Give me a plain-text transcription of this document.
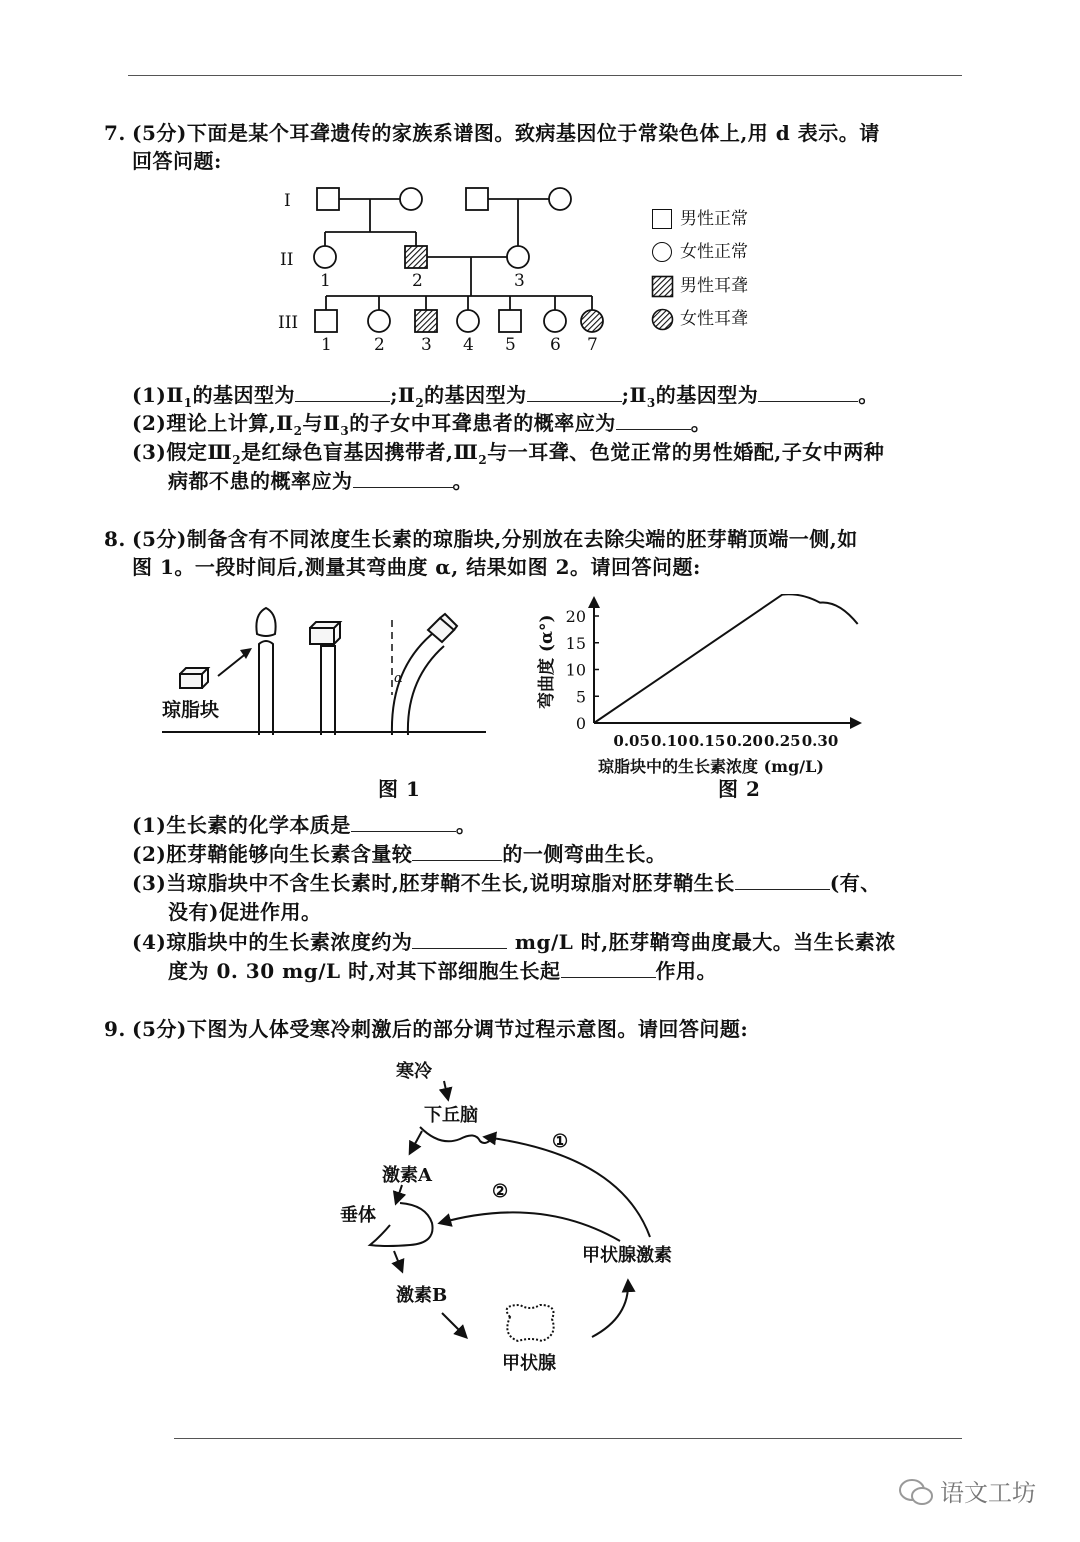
7. (5分)下面是某个耳聋遗传的家族系谱图。致病基因位于常染色体上,用 d 表示。请
回答问题:
I
II
III
1	2	3
1 2 3 4 5 6 7
男性正常
女性正常
男性耳聋
女性耳聋
$(1)Ⅱ_1$的基因型为	$;Ⅱ_2$的基因型为	$;Ⅱ_3$的基因型为	。
(2)理论上计算$,Ⅱ_2$与$Ⅱ_3$的子女中耳聋患者的概率应为	。
(3)假定$Ⅲ_2$是红绿色盲基因携带者$,Ⅲ_2$与一耳聋、色觉正常的男性婚配,子女中两种
病都不患的概率应为	。
8. (5分)制备含有不同浓度生长素的琼脂块,分别放在去除尖端的胚芽鞘顶端一侧,如
图 1。一段时间后,测量其弯曲度 α, 结果如图 2。请回答问题:
琼脂块
α
图 1
0
5
10
15
20
0.05 0.10 0.15 0.20 0.25 0.30
弯曲度 (α°)
琼脂块中的生长素浓度 (mg/L)
图 2
(1)生长素的化学本质是	。
(2)胚芽鞘能够向生长素含量较	的一侧弯曲生长。
(3)当琼脂块中不含生长素时,胚芽鞘不生长,说明琼脂对胚芽鞘生长	(有、
没有)促进作用。
(4)琼脂块中的生长素浓度约为	mg/L 时,胚芽鞘弯曲度最大。当生长素浓
度为 0. 30 mg/L 时,对其下部细胞生长起	作用。
9. (5分)下图为人体受寒冷刺激后的部分调节过程示意图。请回答问题:
寒冷
下丘脑
激素A
垂体
激素B
甲状腺
甲状腺激素
①
②
语文工坊
